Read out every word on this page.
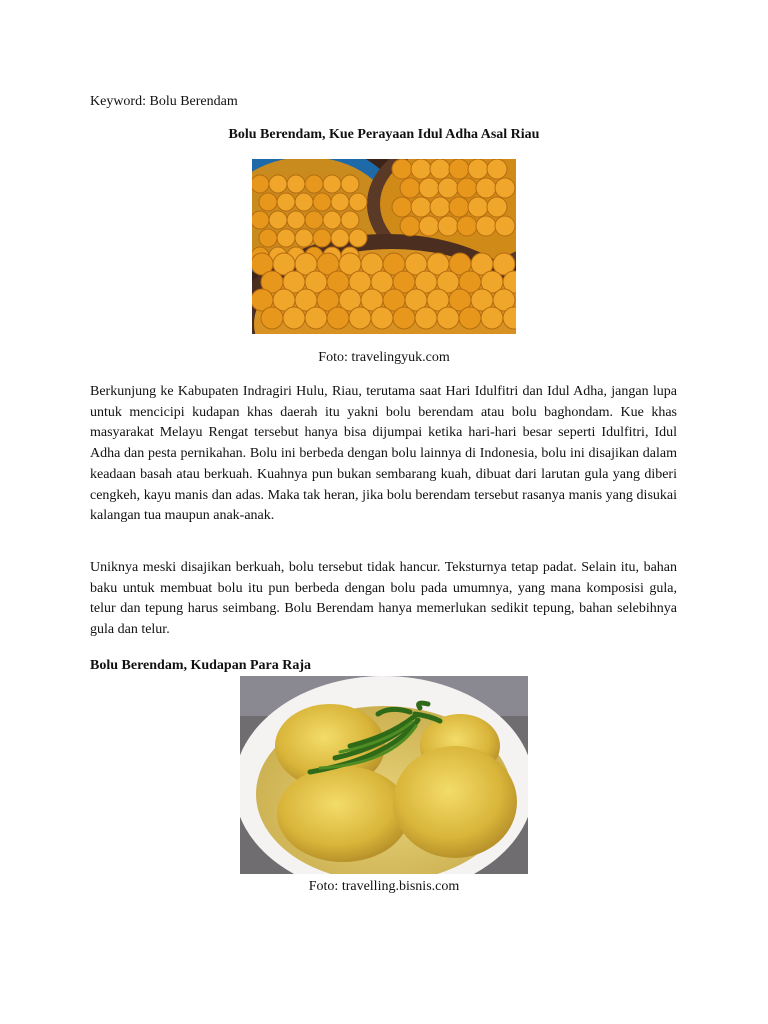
Keyword: Bolu Berendam
Bolu Berendam, Kue Perayaan Idul Adha Asal Riau
Foto: travelingyuk.com

Berkunjung ke Kabupaten Indragiri Hulu, Riau, terutama saat Hari Idulfitri dan Idul Adha, jangan lupa untuk mencicipi kudapan khas daerah itu yakni bolu berendam atau bolu baghondam. Kue khas masyarakat Melayu Rengat tersebut hanya bisa dijumpai ketika hari-hari besar seperti Idulfitri, Idul Adha dan pesta pernikahan. Bolu ini berbeda dengan bolu lainnya di Indonesia, bolu ini disajikan dalam keadaan basah atau berkuah. Kuahnya pun bukan sembarang kuah, dibuat dari larutan gula yang diberi cengkeh, kayu manis dan adas. Maka tak heran, jika bolu berendam tersebut rasanya manis yang disukai kalangan tua maupun anak-anak.

Uniknya meski disajikan berkuah, bolu tersebut tidak hancur. Teksturnya tetap padat. Selain itu, bahan baku untuk membuat bolu itu pun berbeda dengan bolu pada umumnya, yang mana komposisi gula, telur dan tepung harus seimbang. Bolu Berendam hanya memerlukan sedikit tepung, bahan selebihnya gula dan telur.

Bolu Berendam, Kudapan Para Raja
Foto: travelling.bisnis.com
